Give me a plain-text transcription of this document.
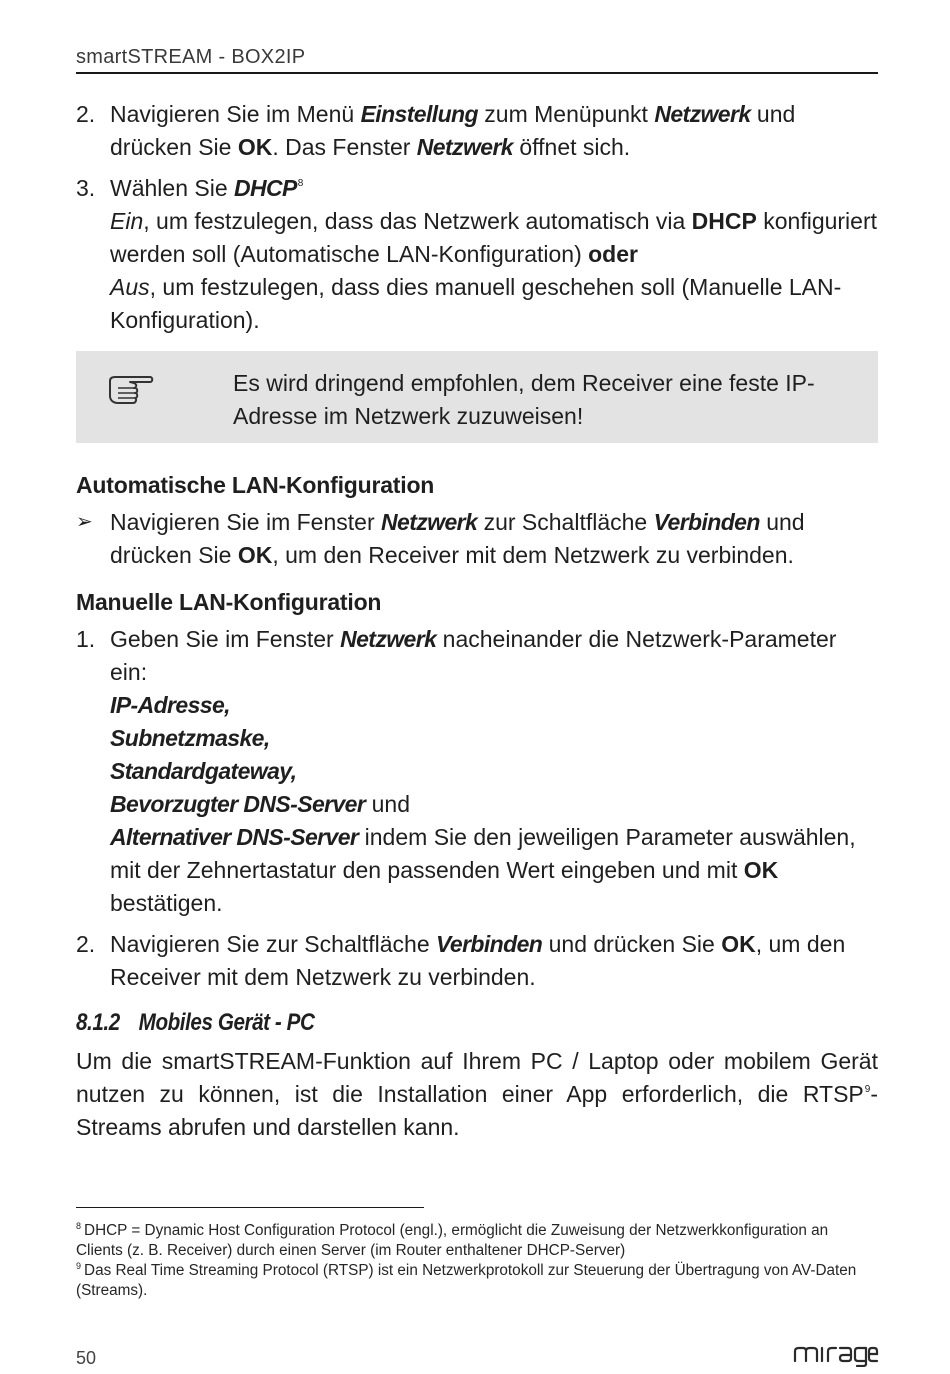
smartSTREAM - BOX2IP
2. Navigieren Sie im Menü Einstellung zum Menüpunkt Netzwerk und drücken Sie OK. Das Fenster Netzwerk öffnet sich.
3. Wählen Sie DHCP$^8$
Ein, um festzulegen, dass das Netzwerk automatisch via DHCP konfiguriert werden soll (Automatische LAN-Konfiguration) oder
Aus, um festzulegen, dass dies manuell geschehen soll (Manuelle LAN-Konfiguration).
Es wird dringend empfohlen, dem Receiver eine feste IP-Adresse im Netzwerk zuzuweisen!
Automatische LAN-Konfiguration
➢ Navigieren Sie im Fenster Netzwerk zur Schaltfläche Verbinden und drücken Sie OK, um den Receiver mit dem Netzwerk zu verbinden.
Manuelle LAN-Konfiguration
1. Geben Sie im Fenster Netzwerk nacheinander die Netzwerk-Parameter ein:
IP-Adresse,
Subnetzmaske,
Standardgateway,
Bevorzugter DNS-Server und
Alternativer DNS-Server indem Sie den jeweiligen Parameter auswählen, mit der Zehnertastatur den passenden Wert eingeben und mit OK bestätigen.
2. Navigieren Sie zur Schaltfläche Verbinden und drücken Sie OK, um den Receiver mit dem Netzwerk zu verbinden.
8.1.2 Mobiles Gerät - PC
Um die smartSTREAM-Funktion auf Ihrem PC / Laptop oder mobilem Gerät nutzen zu können, ist die Installation einer App erforderlich, die RTSP$^9$-Streams abrufen und darstellen kann.
$^8$ DHCP = Dynamic Host Configuration Protocol (engl.), ermöglicht die Zuweisung der Netzwerkkonfiguration an Clients (z. B. Receiver) durch einen Server (im Router enthaltener DHCP-Server)
$^9$ Das Real Time Streaming Protocol (RTSP) ist ein Netzwerkprotokoll zur Steuerung der Übertragung von AV-Daten (Streams).
50
